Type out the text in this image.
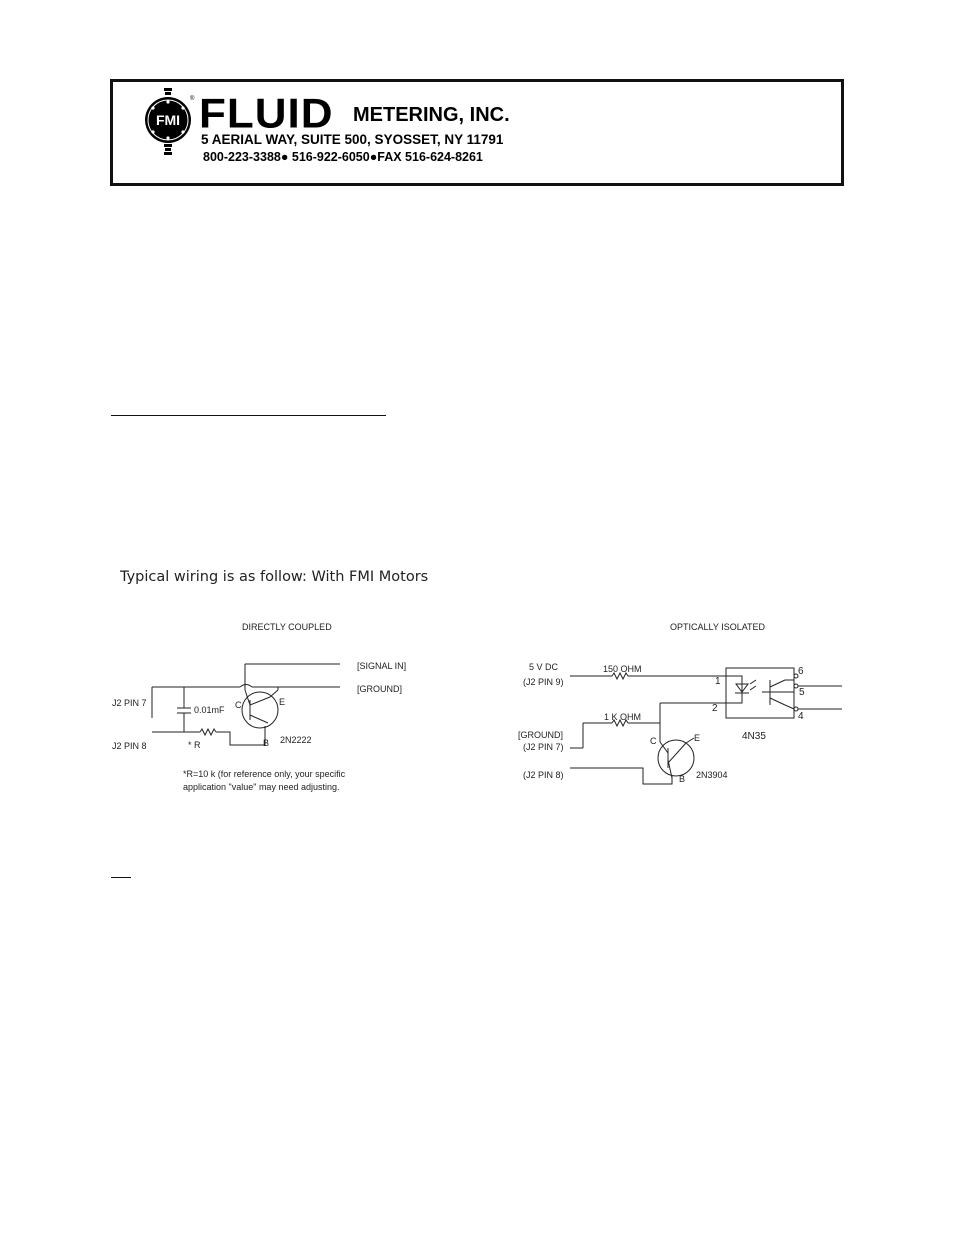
FMI
® FLUID METERING, INC.
5 AERIAL WAY, SUITE 500, SYOSSET, NY 11791
800-223-3388● 516-922-6050●FAX 516-624-8261
Typical wiring is as follow: With FMI Motors
DIRECTLY COUPLED
[SIGNAL IN]
[GROUND]
J2 PIN 7
J2 PIN 8
0.01mF
* R
C	E
B 2N2222
*R=10 k (for reference only, your specific
application "value" may need adjusting.
OPTICALLY ISOLATED
5 V DC
(J2 PIN 9)
150 OHM
1 K OHM
[GROUND]
(J2 PIN 7)
(J2 PIN 8)
C	E
B 2N3904
4N35
1
2
6
5
4
